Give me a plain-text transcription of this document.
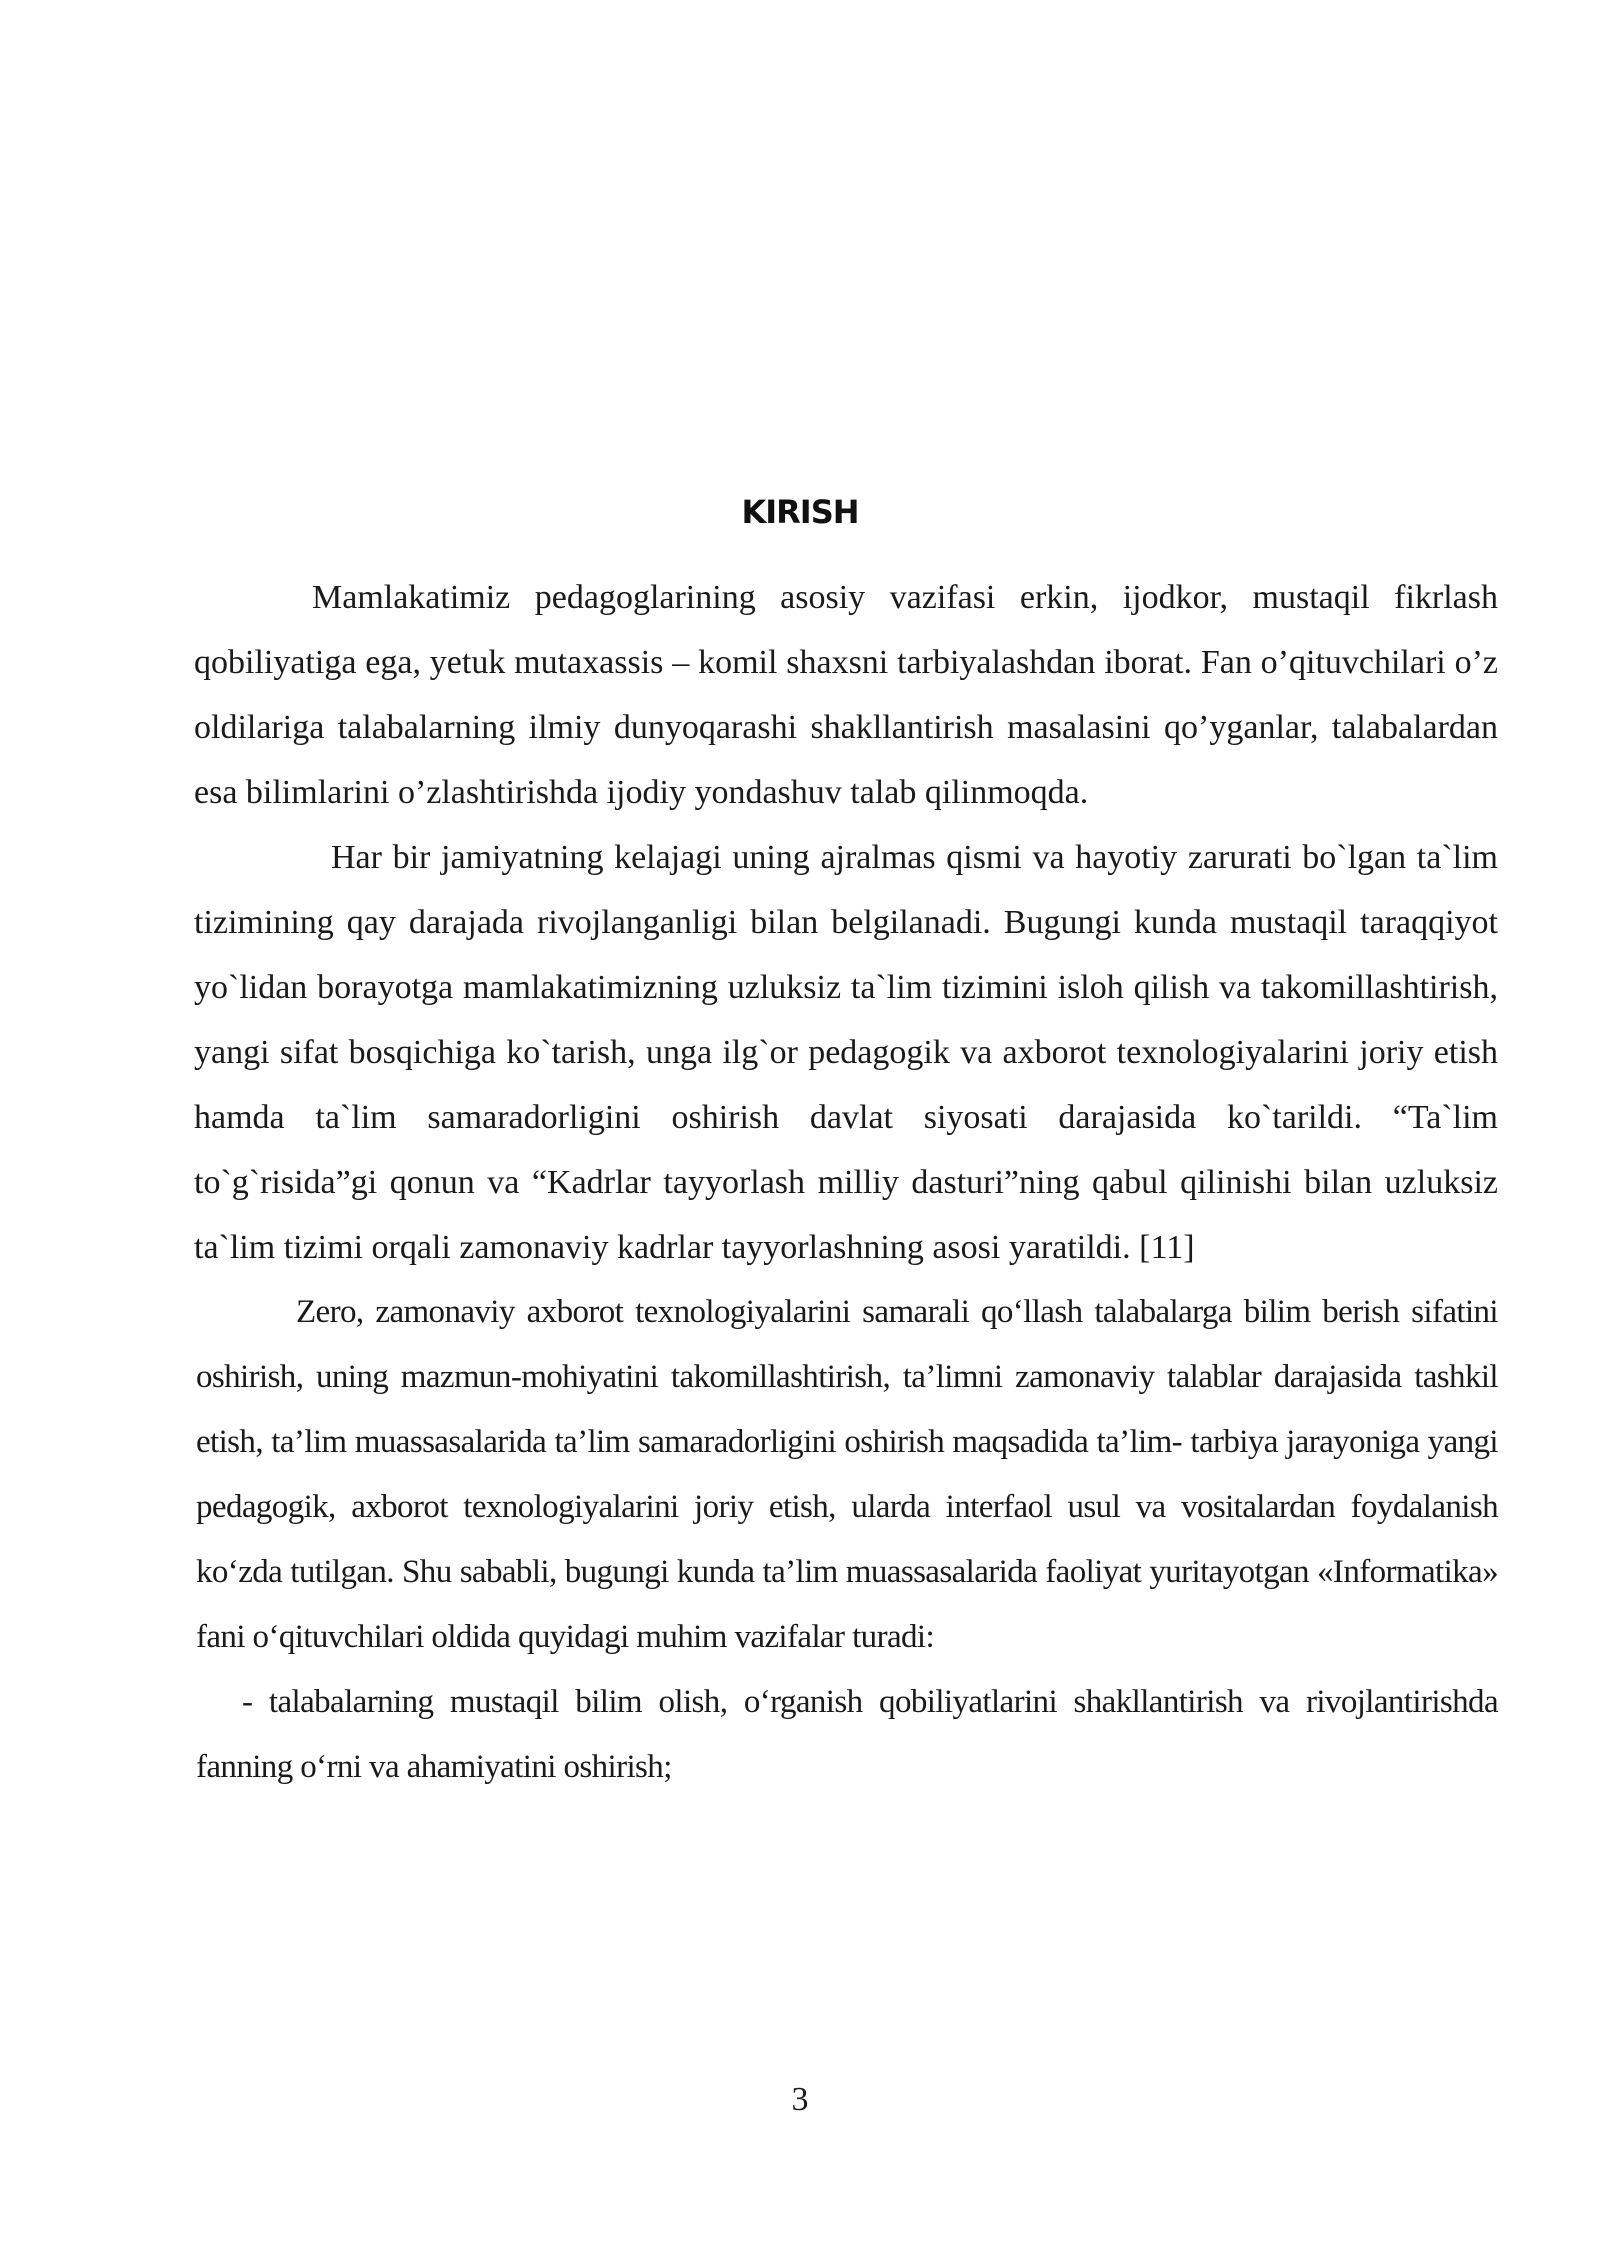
KIRISH

Mamlakatimiz pedagoglarining asosiy vazifasi erkin, ijodkor, mustaqil fikrlash qobiliyatiga ega, yetuk mutaxassis – komil shaxsni tarbiyalashdan iborat. Fan o’qituvchilari o’z oldilariga talabalarning ilmiy dunyoqarashi shakllantirish masalasini qo’yganlar, talabalardan esa bilimlarini o’zlashtirishda ijodiy yondashuv talab qilinmoqda.

Har bir jamiyatning kelajagi uning ajralmas qismi va hayotiy zarurati bo`lgan ta`lim tizimining qay darajada rivojlanganligi bilan belgilanadi. Bugungi kunda mustaqil taraqqiyot yo`lidan borayotga mamlakatimizning uzluksiz ta`lim tizimini isloh qilish va takomillashtirish, yangi sifat bosqichiga ko`tarish, unga ilg`or pedagogik va axborot texnologiyalarini joriy etish hamda ta`lim samaradorligini oshirish davlat siyosati darajasida ko`tarildi. “Ta`lim to`g`risida”gi qonun va “Kadrlar tayyorlash milliy dasturi”ning qabul qilinishi bilan uzluksiz ta`lim tizimi orqali zamonaviy kadrlar tayyorlashning asosi yaratildi. [11]

Zero, zamonaviy axborot texnologiyalarini samarali qo‘llash talabalarga bilim berish sifatini oshirish, uning mazmun-mohiyatini takomillashtirish, ta’limni zamonaviy talablar darajasida tashkil etish, ta’lim muassasalarida ta’lim samaradorligini oshirish maqsadida ta’lim- tarbiya jarayoniga yangi pedagogik, axborot texnologiyalarini joriy etish, ularda interfaol usul va vositalardan foydalanish ko‘zda tutilgan. Shu sababli, bugungi kunda ta’lim muassasalarida faoliyat yuritayotgan «Informatika» fani o‘qituvchilari oldida quyidagi muhim vazifalar turadi:

- talabalarning mustaqil bilim olish, o‘rganish qobiliyatlarini shakllantirish va rivojlantirishda fanning o‘rni va ahamiyatini oshirish;

3
